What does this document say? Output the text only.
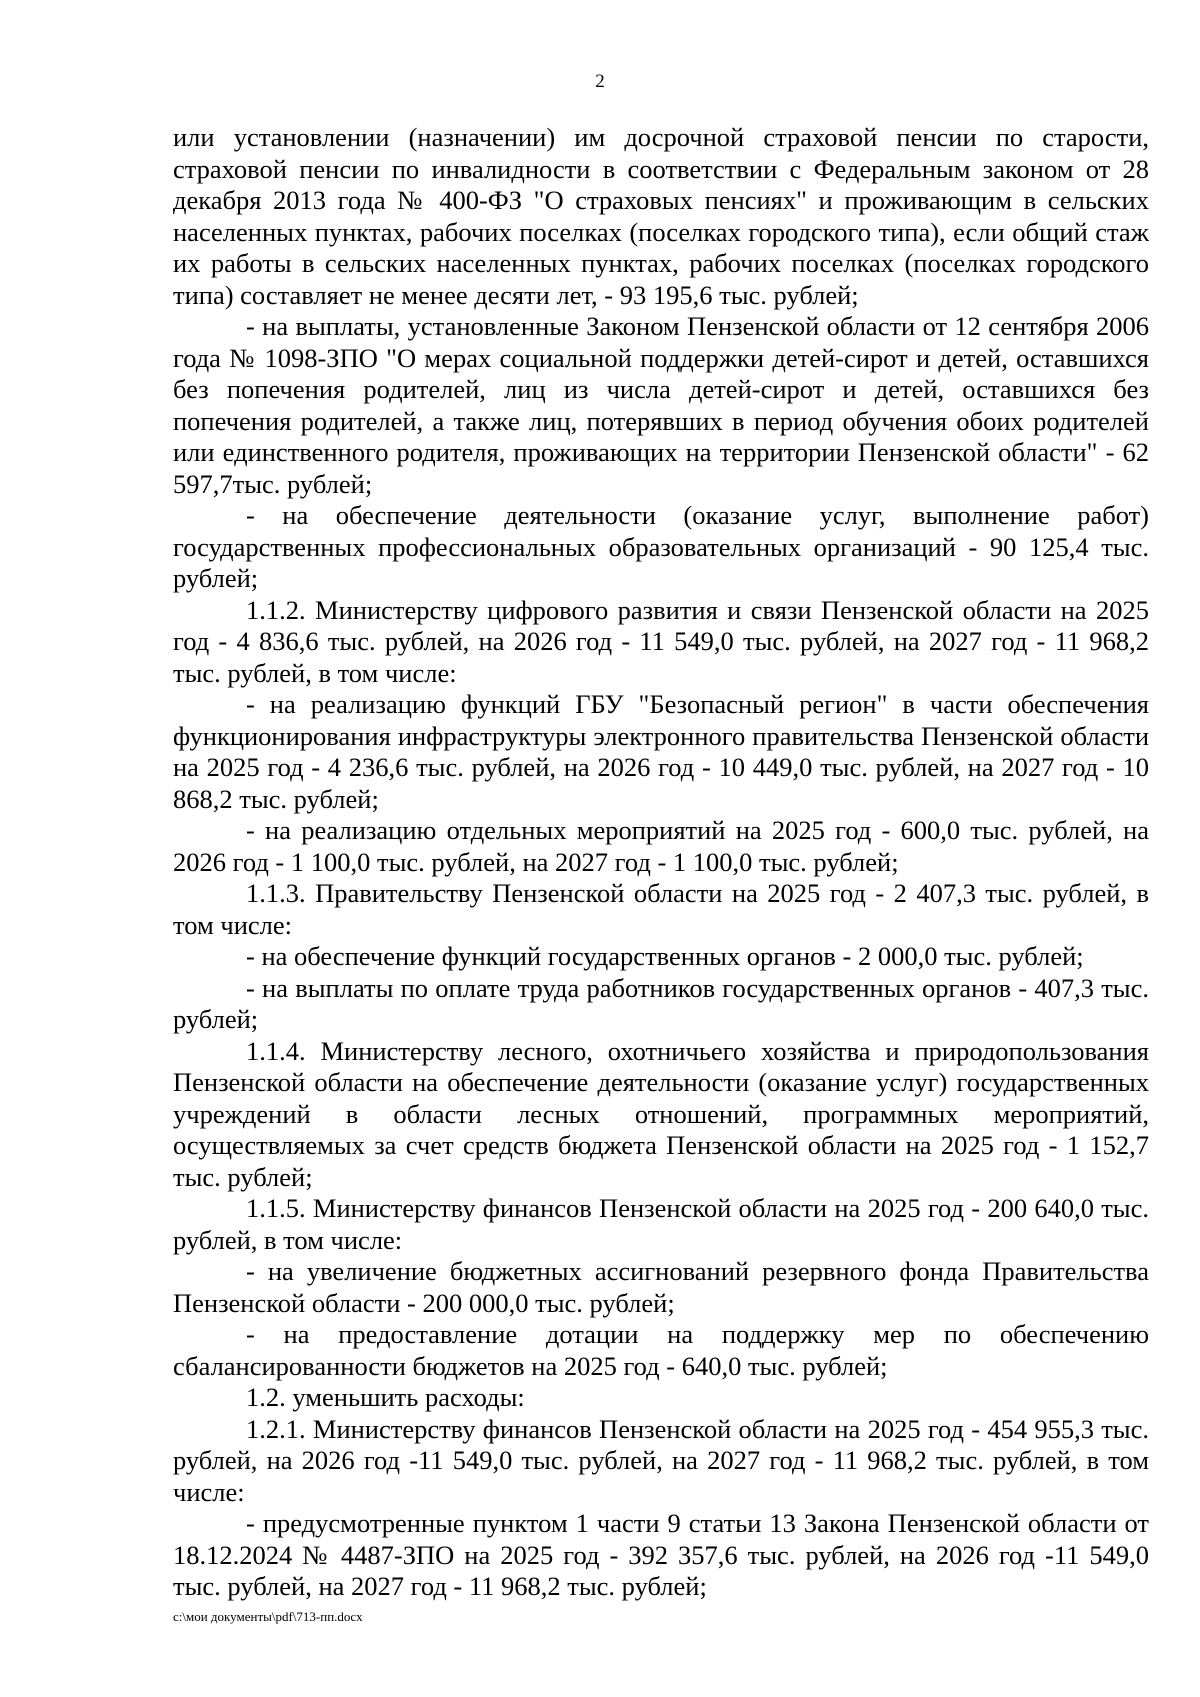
2

или установлении (назначении) им досрочной страховой пенсии по старости, страховой пенсии по инвалидности в соответствии с Федеральным законом от 28 декабря 2013 года № 400-ФЗ "О страховых пенсиях" и проживающим в сельских населенных пунктах, рабочих поселках (поселках городского типа), если общий стаж их работы в сельских населенных пунктах, рабочих поселках (поселках городского типа) составляет не менее десяти лет, - 93 195,6 тыс. рублей;

- на выплаты, установленные Законом Пензенской области от 12 сентября 2006 года № 1098-ЗПО "О мерах социальной поддержки детей-сирот и детей, оставшихся без попечения родителей, лиц из числа детей-сирот и детей, оставшихся без попечения родителей, а также лиц, потерявших в период обучения обоих родителей или единственного родителя, проживающих на территории Пензенской области" - 62 597,7тыс. рублей;

- на обеспечение деятельности (оказание услуг, выполнение работ) государственных профессиональных образовательных организаций - 90 125,4 тыс. рублей;

1.1.2. Министерству цифрового развития и связи Пензенской области на 2025 год - 4 836,6 тыс. рублей, на 2026 год - 11 549,0 тыс. рублей, на 2027 год - 11 968,2 тыс. рублей, в том числе:

- на реализацию функций ГБУ "Безопасный регион" в части обеспечения функционирования инфраструктуры электронного правительства Пензенской области на 2025 год - 4 236,6 тыс. рублей, на 2026 год - 10 449,0 тыс. рублей, на 2027 год - 10 868,2 тыс. рублей;

- на реализацию отдельных мероприятий на 2025 год - 600,0 тыс. рублей, на 2026 год - 1 100,0 тыс. рублей, на 2027 год - 1 100,0 тыс. рублей;

1.1.3. Правительству Пензенской области на 2025 год - 2 407,3 тыс. рублей, в том числе:

- на обеспечение функций государственных органов - 2 000,0 тыс. рублей;

- на выплаты по оплате труда работников государственных органов - 407,3 тыс. рублей;

1.1.4. Министерству лесного, охотничьего хозяйства и природопользования Пензенской области на обеспечение деятельности (оказание услуг) государственных учреждений в области лесных отношений, программных мероприятий, осуществляемых за счет средств бюджета Пензенской области на 2025 год - 1 152,7 тыс. рублей;

1.1.5. Министерству финансов Пензенской области на 2025 год - 200 640,0 тыс. рублей, в том числе:

- на увеличение бюджетных ассигнований резервного фонда Правительства Пензенской области - 200 000,0 тыс. рублей;

- на предоставление дотации на поддержку мер по обеспечению сбалансированности бюджетов на 2025 год - 640,0 тыс. рублей;

1.2. уменьшить расходы:

1.2.1. Министерству финансов Пензенской области на 2025 год - 454 955,3 тыс. рублей, на 2026 год -11 549,0 тыс. рублей, на 2027 год - 11 968,2 тыс. рублей, в том числе:

- предусмотренные пунктом 1 части 9 статьи 13 Закона Пензенской области от 18.12.2024 № 4487-ЗПО на 2025 год - 392 357,6 тыс. рублей, на 2026 год -11 549,0 тыс. рублей, на 2027 год - 11 968,2 тыс. рублей;

c:\мои документы\pdf\713-пп.docx
